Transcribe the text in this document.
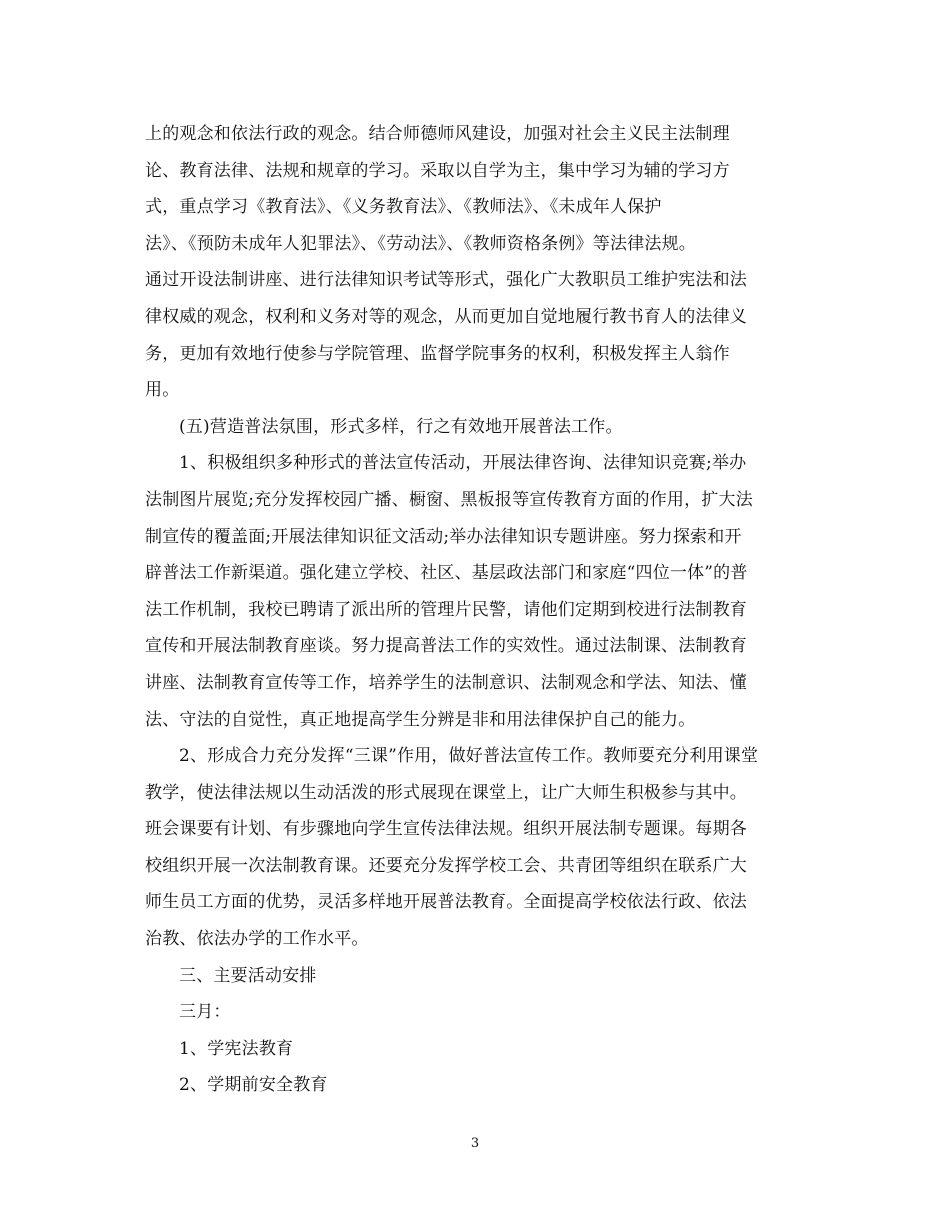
上的观念和依法行政的观念。结合师德师风建设，加强对社会主义民主法制理
论、教育法律、法规和规章的学习。采取以自学为主，集中学习为辅的学习方
式，重点学习《教育法》、《义务教育法》、《教师法》、《未成年人保护
法》、《预防未成年人犯罪法》、《劳动法》、《教师资格条例》等法律法规。
通过开设法制讲座、进行法律知识考试等形式，强化广大教职员工维护宪法和法
律权威的观念，权利和义务对等的观念，从而更加自觉地履行教书育人的法律义
务，更加有效地行使参与学院管理、监督学院事务的权利，积极发挥主人翁作
用。

(五)营造普法氛围，形式多样，行之有效地开展普法工作。

1、积极组织多种形式的普法宣传活动，开展法律咨询、法律知识竞赛;举办
法制图片展览;充分发挥校园广播、橱窗、黑板报等宣传教育方面的作用，扩大法
制宣传的覆盖面;开展法律知识征文活动;举办法律知识专题讲座。努力探索和开
辟普法工作新渠道。强化建立学校、社区、基层政法部门和家庭“四位一体”的普
法工作机制，我校已聘请了派出所的管理片民警，请他们定期到校进行法制教育
宣传和开展法制教育座谈。努力提高普法工作的实效性。通过法制课、法制教育
讲座、法制教育宣传等工作，培养学生的法制意识、法制观念和学法、知法、懂
法、守法的自觉性，真正地提高学生分辨是非和用法律保护自己的能力。

2、形成合力充分发挥“三课”作用，做好普法宣传工作。教师要充分利用课堂
教学，使法律法规以生动活泼的形式展现在课堂上，让广大师生积极参与其中。
班会课要有计划、有步骤地向学生宣传法律法规。组织开展法制专题课。每期各
校组织开展一次法制教育课。还要充分发挥学校工会、共青团等组织在联系广大
师生员工方面的优势，灵活多样地开展普法教育。全面提高学校依法行政、依法
治教、依法办学的工作水平。

三、主要活动安排

三月：

1、学宪法教育

2、学期前安全教育

3
